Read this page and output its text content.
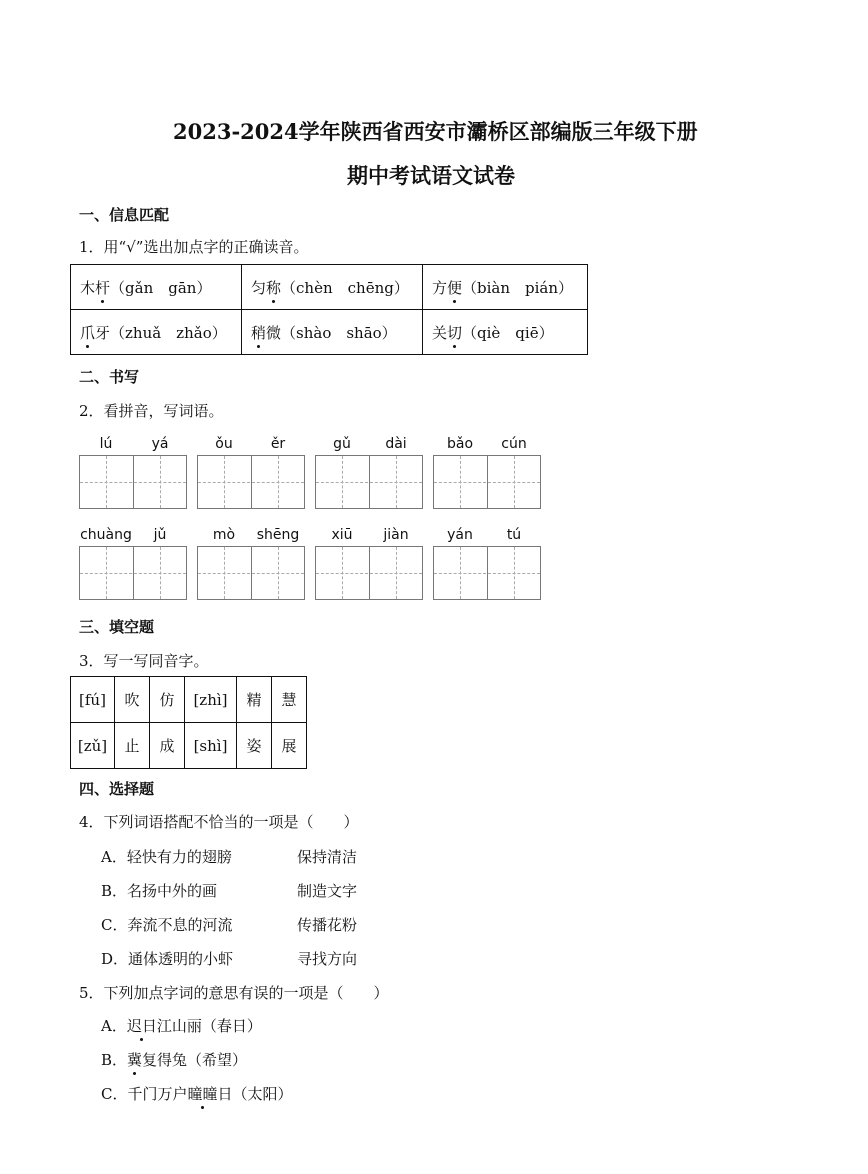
2023-2024学年陕西省西安市灞桥区部编版三年级下册
期中考试语文试卷
一、信息匹配
1．用“√”选出加点字的正确读音。
木杆（gǎn　gān）	匀称（chèn　chēng）	方便（biàn　pián）
爪牙（zhuǎ　zhǎo）	稍微（shào　shāo）	关切（qiè　qiē）
二、书写
2．看拼音，写词语。
lú	yá	ǒu	ěr	gǔ	dài	bǎo	cún
chuàng	jǔ	mò	shēng	xiū	jiàn	yán	tú
三、填空题
3．写一写同音字。
[fú]	吹	仿	[zhì]	精	慧
[zǔ]	止	成	[shì]	姿	展
四、选择题
4．下列词语搭配不恰当的一项是（　　）
A．轻快有力的翅膀	保持清洁
B．名扬中外的画	制造文字
C．奔流不息的河流	传播花粉
D．通体透明的小虾	寻找方向
5．下列加点字词的意思有误的一项是（　　）
A．迟日江山丽（春日）
B．冀复得兔（希望）
C．千门万户曈曈日（太阳）
